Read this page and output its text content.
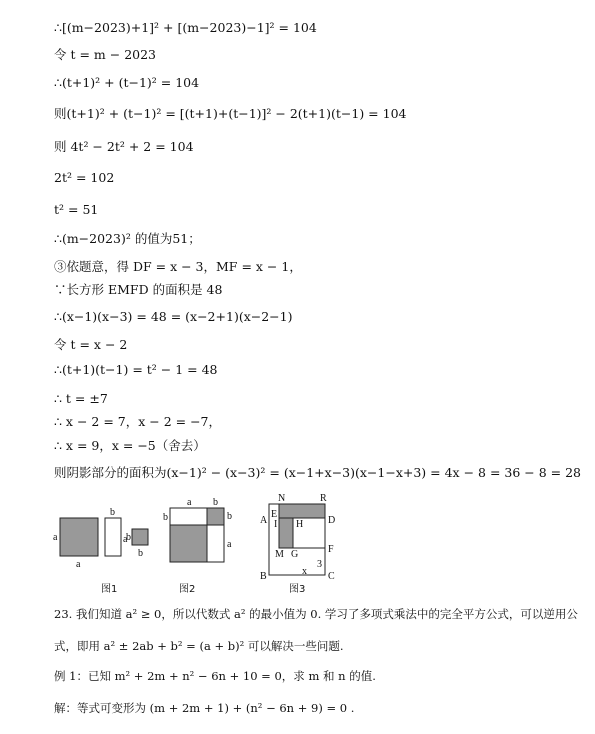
∴[(m−2023)+1]² + [(m−2023)−1]² = 104
令 t = m − 2023
∴(t+1)² + (t−1)² = 104
则(t+1)² + (t−1)² = [(t+1)+(t−1)]² − 2(t+1)(t−1) = 104
则 4t² − 2t² + 2 = 104
2t² = 102
t² = 51
∴(m−2023)² 的值为51；
③依题意，得 DF = x − 3，MF = x − 1，
∵长方形 EMFD 的面积是 48
∴(x−1)(x−3) = 48 = (x−2+1)(x−2−1)
令 t = x − 2
∴(t+1)(t−1) = t² − 1 = 48
∴ t = ±7
∴ x − 2 = 7，x − 2 = −7，
∴ x = 9，x = −5（舍去）
则阴影部分的面积为(x−1)² − (x−3)² = (x−1+x−3)(x−1−x+3) = 4x − 8 = 36 − 8 = 28
a
a
b
a
b
b
图1
a b
b
a
b
图2
N	R
A
E
I H D
M G	F
3
x
B	C
图3
23. 我们知道 a² ≥ 0，所以代数式 a² 的最小值为 0. 学习了多项式乘法中的完全平方公式，可以逆用公
式，即用 a² ± 2ab + b² = (a + b)² 可以解决一些问题.
例 1：已知 m² + 2m + n² − 6n + 10 = 0，求 m 和 n 的值.
解：等式可变形为 (m + 2m + 1) + (n² − 6n + 9) = 0 .
